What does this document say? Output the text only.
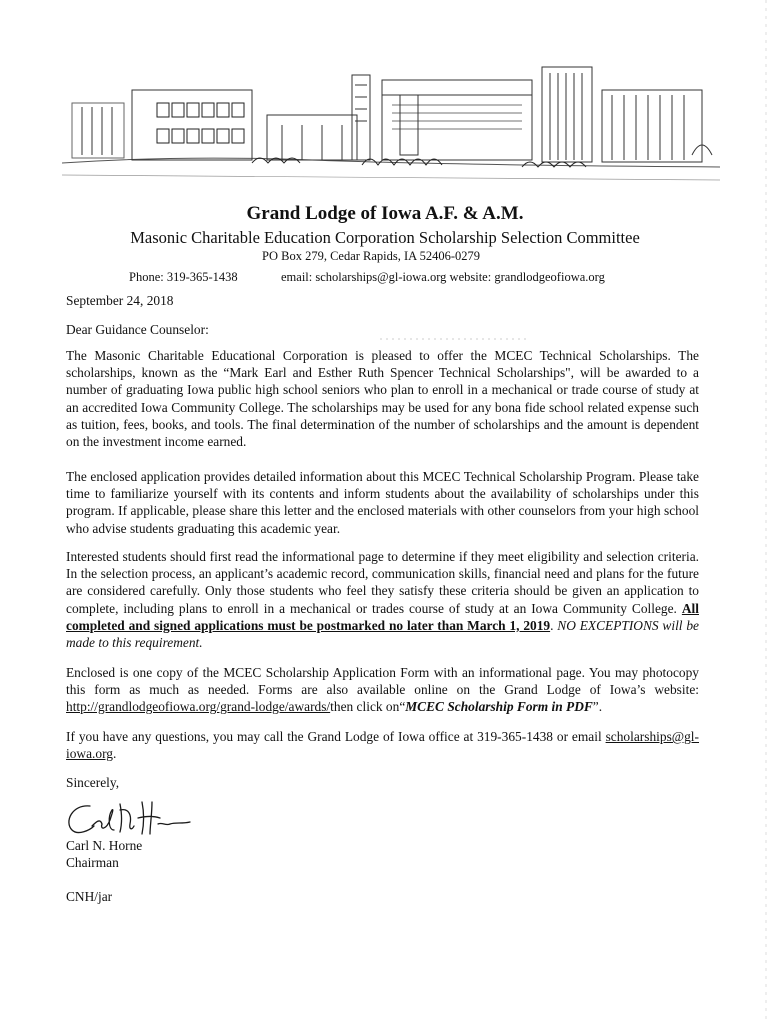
Grand Lodge of Iowa A.F. & A.M.

Masonic Charitable Education Corporation Scholarship Selection Committee

PO Box 279, Cedar Rapids, IA 52406-0279

Phone: 319-365-1438	email: scholarships@gl-iowa.org website: grandlodgeofiowa.org

September 24, 2018

Dear Guidance Counselor:

The Masonic Charitable Educational Corporation is pleased to offer the MCEC Technical Scholarships. The scholarships, known as the “Mark Earl and Esther Ruth Spencer Technical Scholarships", will be awarded to a number of graduating Iowa public high school seniors who plan to enroll in a mechanical or trade course of study at an accredited Iowa Community College. The scholarships may be used for any bona fide school related expense such as tuition, fees, books, and tools. The final determination of the number of scholarships and the amount is dependent on the investment income earned.

The enclosed application provides detailed information about this MCEC Technical Scholarship Program. Please take time to familiarize yourself with its contents and inform students about the availability of scholarships under this program. If applicable, please share this letter and the enclosed materials with other counselors from your high school who advise students graduating this academic year.

Interested students should first read the informational page to determine if they meet eligibility and selection criteria. In the selection process, an applicant’s academic record, communication skills, financial need and plans for the future are considered carefully. Only those students who feel they satisfy these criteria should be given an application to complete, including plans to enroll in a mechanical or trades course of study at an Iowa Community College. All completed and signed applications must be postmarked no later than March 1, 2019. NO EXCEPTIONS will be made to this requirement.

Enclosed is one copy of the MCEC Scholarship Application Form with an informational page. You may photocopy this form as much as needed. Forms are also available online on the Grand Lodge of Iowa’s website: http://grandlodgeofiowa.org/grand-lodge/awards/then click on“MCEC Scholarship Form in PDF”.

If you have any questions, you may call the Grand Lodge of Iowa office at 319-365-1438 or email scholarships@gl-iowa.org.

Sincerely,

Carl N. Horne

Chairman

CNH/jar
